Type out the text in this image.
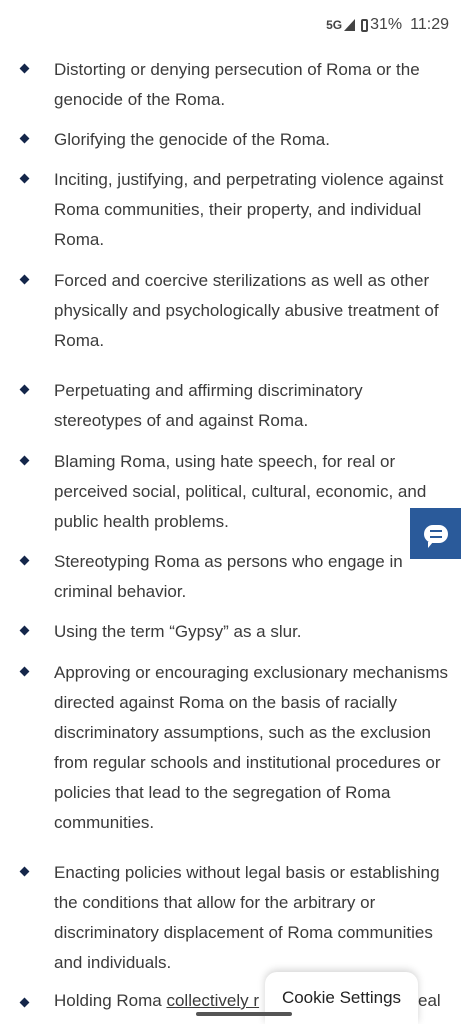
5G 31% 11:29
Distorting or denying persecution of Roma or the genocide of the Roma.
Glorifying the genocide of the Roma.
Inciting, justifying, and perpetrating violence against Roma communities, their property, and individual Roma.
Forced and coercive sterilizations as well as other physically and psychologically abusive treatment of Roma.
Perpetuating and affirming discriminatory stereotypes of and against Roma.
Blaming Roma, using hate speech, for real or perceived social, political, cultural, economic, and public health problems.
Stereotyping Roma as persons who engage in criminal behavior.
Using the term “Gypsy” as a slur.
Approving or encouraging exclusionary mechanisms directed against Roma on the basis of racially discriminatory assumptions, such as the exclusion from regular schools and institutional procedures or policies that lead to the segregation of Roma communities.
Enacting policies without legal basis or establishing the conditions that allow for the arbitrary or discriminatory displacement of Roma communities and individuals.
Holding Roma collectively r	eal
Cookie Settings
